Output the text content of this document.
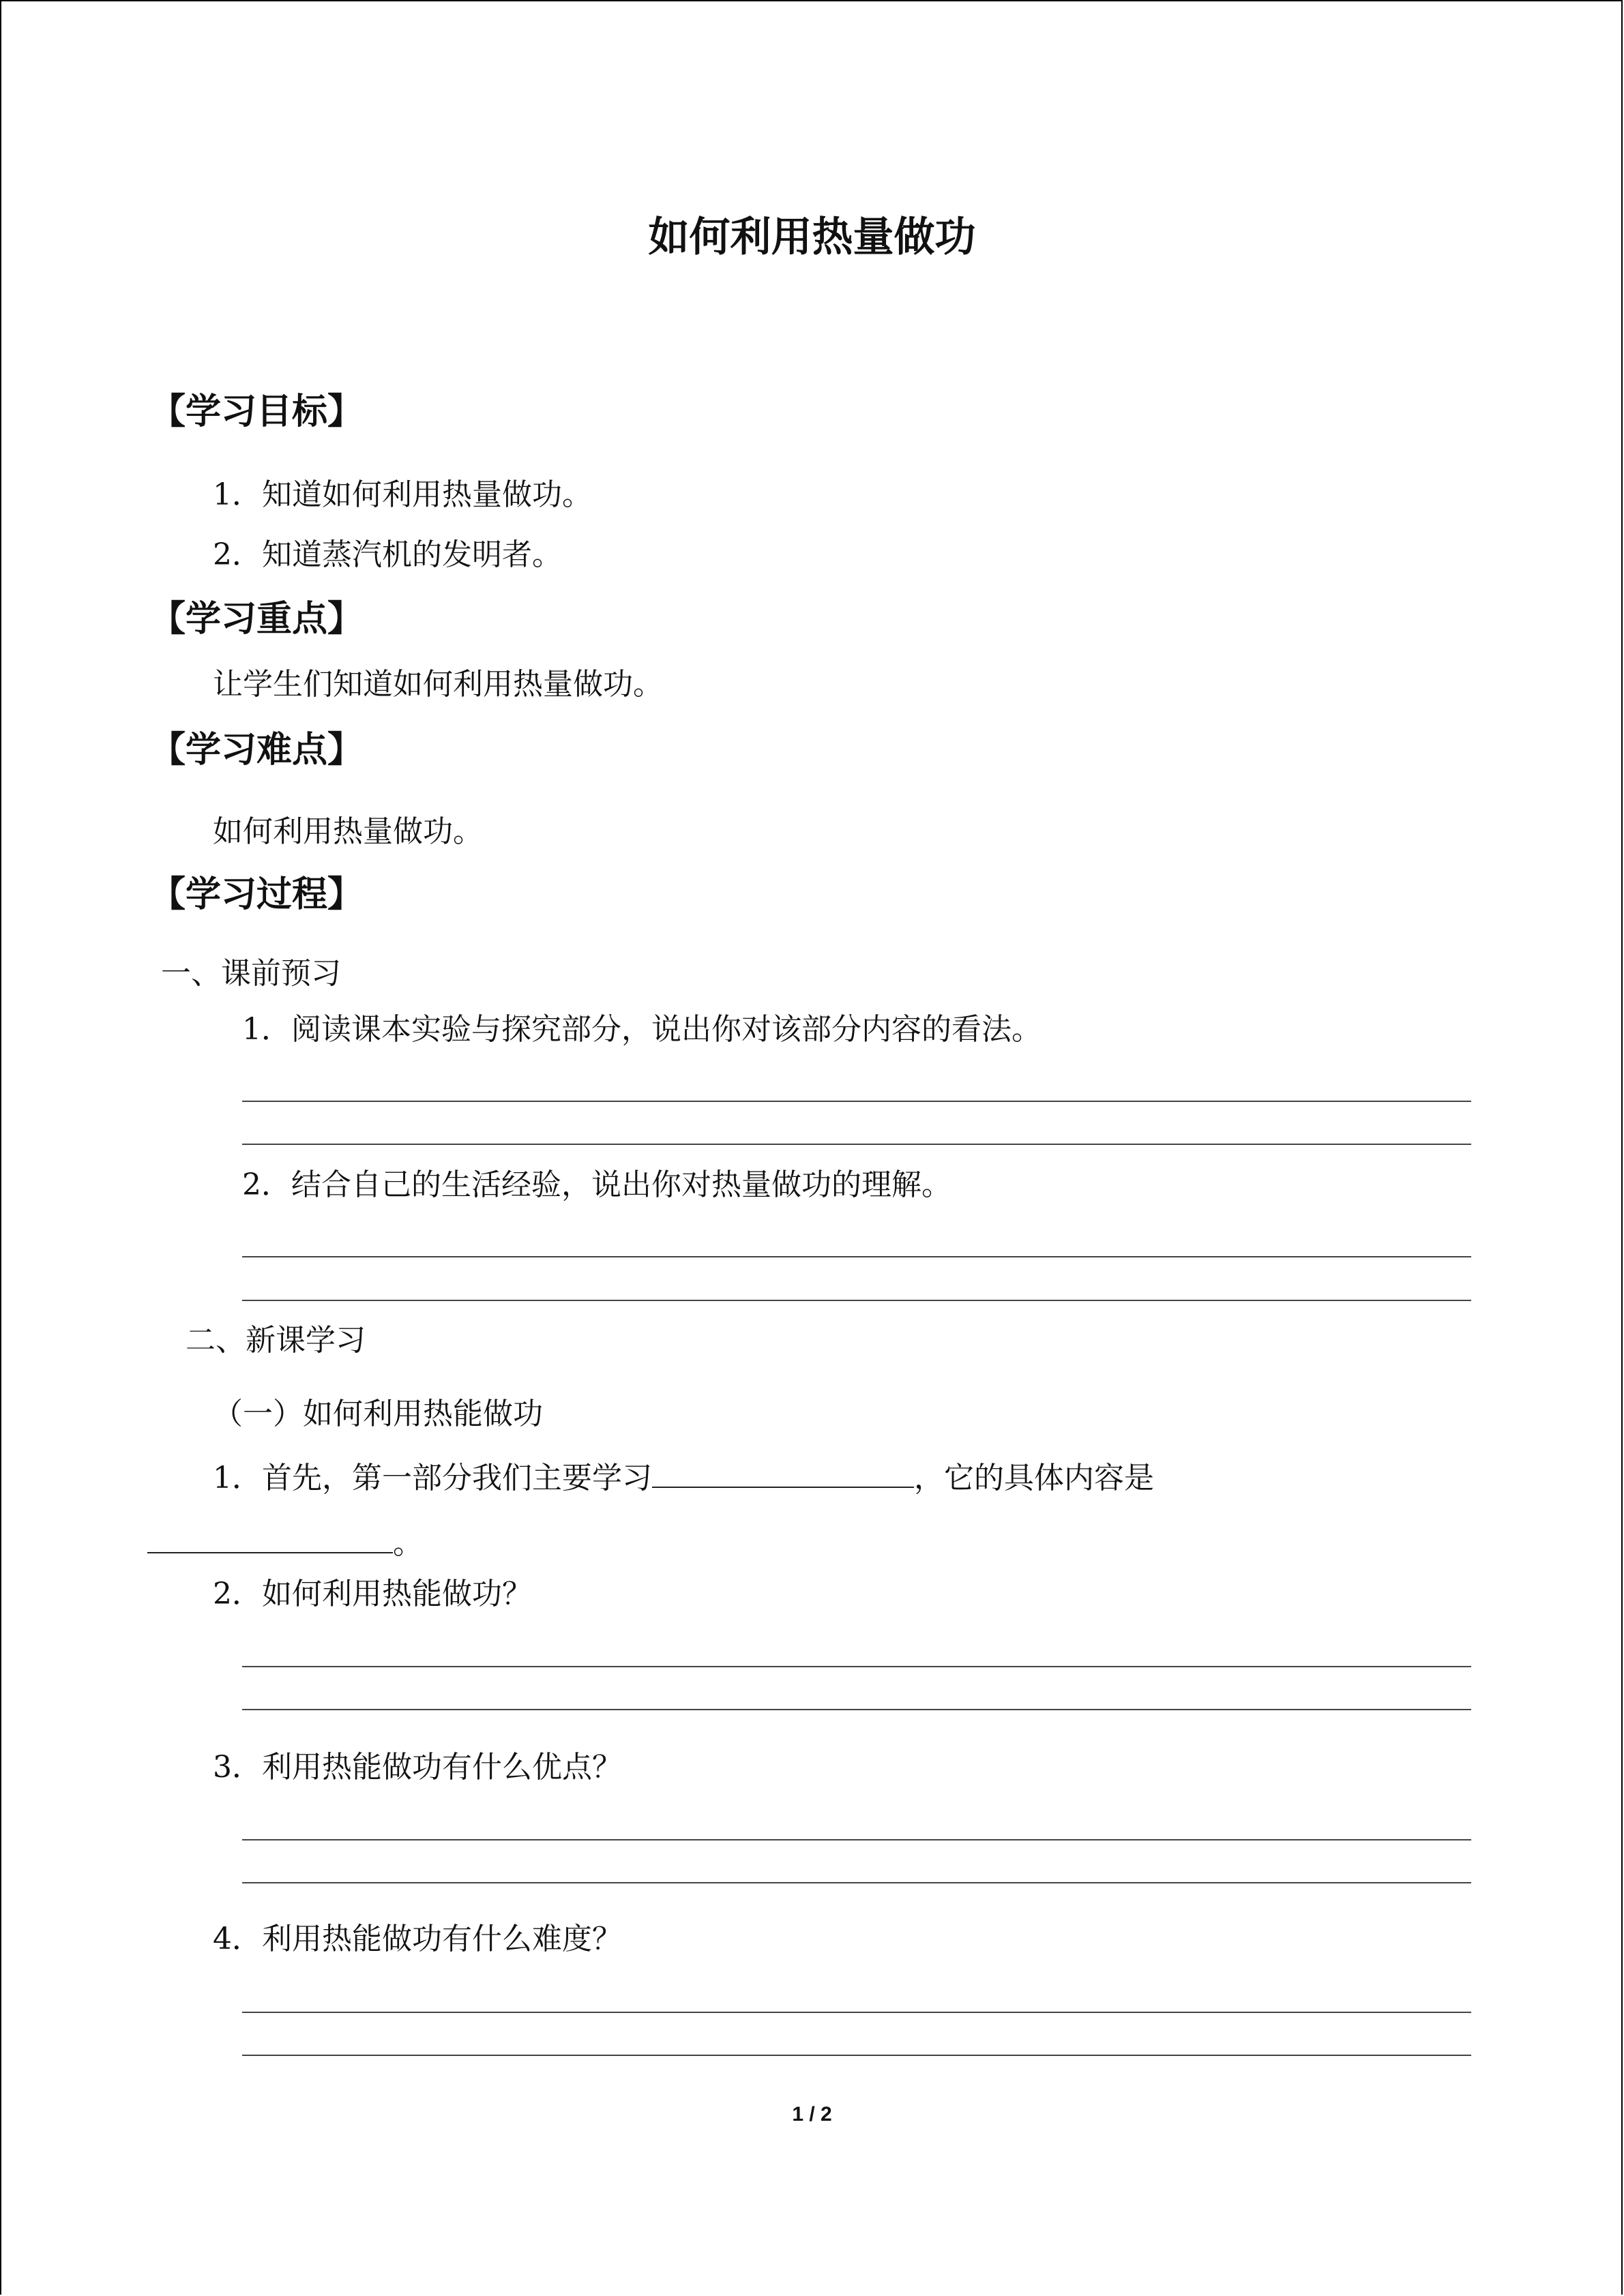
如何利用热量做功
【学习目标】
1．知道如何利用热量做功。
2．知道蒸汽机的发明者。
【学习重点】
让学生们知道如何利用热量做功。
【学习难点】
如何利用热量做功。
【学习过程】
一、课前预习
1．阅读课本实验与探究部分，说出你对该部分内容的看法。
2．结合自己的生活经验，说出你对热量做功的理解。
二、新课学习
（一）如何利用热能做功
1．首先，第一部分我们主要学习	，它的具体内容是
。
2．如何利用热能做功？
3．利用热能做功有什么优点？
4．利用热能做功有什么难度？
1 / 2
